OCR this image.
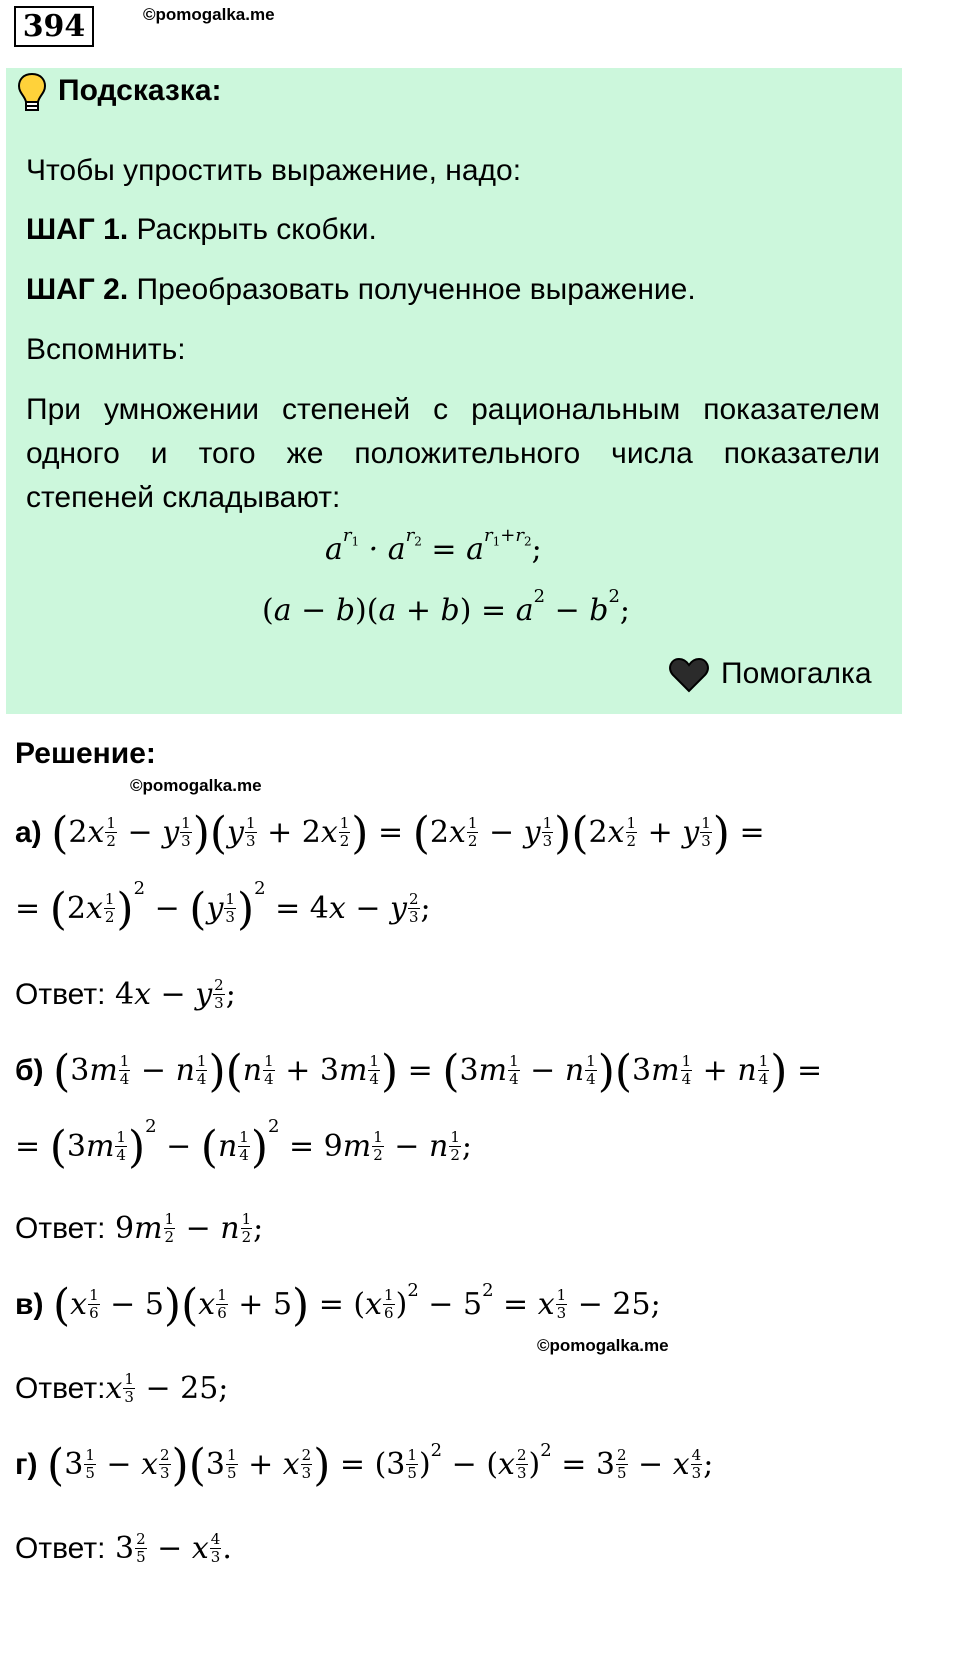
394	©pomogalka.me
Подсказка:
Чтобы упростить выражение, надо:
ШАГ 1. Раскрыть скобки.
ШАГ 2. Преобразовать полученное выражение.
Вспомнить:
При умножении степеней с рациональным показателем одного и того же положительного числа показатели степеней складывают:
$a^{r_1} \cdot a^{r_2} = a^{r_1+r_2}$;
$(a - b)(a + b) = a^2 - b^2$;
Помогалка
Решение:
©pomogalka.me
а) $(2x \frac{1}{2} - y \frac{1}{3} )(y \frac{1}{3} + 2x \frac{1}{2}$ ) = $(2x \frac{1}{2} - y \frac{1}{3} )(2x \frac{1}{2} + y \frac{1}{3}$ ) =
= $(2x \frac{1}{2} )^2 - (y \frac{1}{3} )^2 = 4x - y \frac{2}{3}$ ;
Ответ: 4x − y $\frac{2}{3}$ ;
б) $(3m \frac{1}{4} - n \frac{1}{4} )(n \frac{1}{4} + 3m \frac{1}{4}$ ) = $(3m \frac{1}{4} - n \frac{1}{4} )(3m \frac{1}{4} + n \frac{1}{4}$ ) =
= $(3m \frac{1}{4} )^2 - (n \frac{1}{4} )^2 = 9m \frac{1}{2} - n \frac{1}{2}$ ;
Ответ: $9m \frac{1}{2} - n \frac{1}{2}$ ;
в) $(x \frac{1}{6} - 5)(x \frac{1}{6} + 5) = (x \frac{1}{6} )^2 - 5^2 = x \frac{1}{3} - 25$;
©pomogalka.me
Ответ:x $\frac{1}{3} - 25$;
г) $(3 \frac{1}{5} - x \frac{2}{3} )(3 \frac{1}{5} + x \frac{2}{3}$ ) = $(3 \frac{1}{5} )^2 - (x \frac{2}{3} )^2 = 3 \frac{2}{5} - x \frac{4}{3}$ ;
Ответ: $3 \frac{2}{5} - x \frac{4}{3}$ .
